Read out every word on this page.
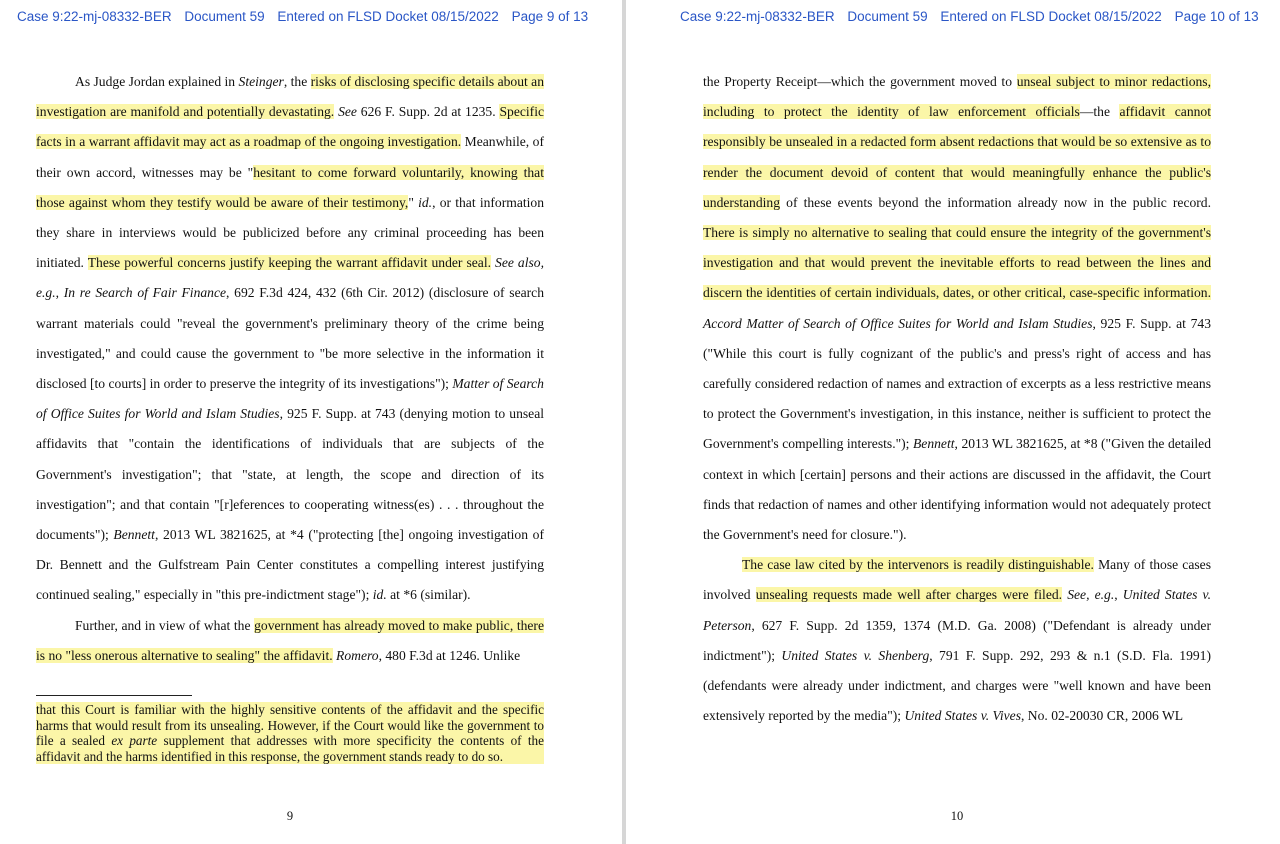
Case 9:22-mj-08332-BER Document 59 Entered on FLSD Docket 08/15/2022 Page 9 of 13

As Judge Jordan explained in Steinger, the risks of disclosing specific details about an investigation are manifold and potentially devastating. See 626 F. Supp. 2d at 1235. Specific facts in a warrant affidavit may act as a roadmap of the ongoing investigation. Meanwhile, of their own accord, witnesses may be "hesitant to come forward voluntarily, knowing that those against whom they testify would be aware of their testimony," id., or that information they share in interviews would be publicized before any criminal proceeding has been initiated. These powerful concerns justify keeping the warrant affidavit under seal. See also, e.g., In re Search of Fair Finance, 692 F.3d 424, 432 (6th Cir. 2012) (disclosure of search warrant materials could "reveal the government's preliminary theory of the crime being investigated," and could cause the government to "be more selective in the information it disclosed [to courts] in order to preserve the integrity of its investigations"); Matter of Search of Office Suites for World and Islam Studies, 925 F. Supp. at 743 (denying motion to unseal affidavits that "contain the identifications of individuals that are subjects of the Government's investigation"; that "state, at length, the scope and direction of its investigation"; and that contain "[r]eferences to cooperating witness(es) . . . throughout the documents"); Bennett, 2013 WL 3821625, at *4 ("protecting [the] ongoing investigation of Dr. Bennett and the Gulfstream Pain Center constitutes a compelling interest justifying continued sealing," especially in "this pre-indictment stage"); id. at *6 (similar).

Further, and in view of what the government has already moved to make public, there is no "less onerous alternative to sealing" the affidavit. Romero, 480 F.3d at 1246. Unlike

that this Court is familiar with the highly sensitive contents of the affidavit and the specific harms that would result from its unsealing. However, if the Court would like the government to file a sealed ex parte supplement that addresses with more specificity the contents of the affidavit and the harms identified in this response, the government stands ready to do so.
9
Case 9:22-mj-08332-BER Document 59 Entered on FLSD Docket 08/15/2022 Page 10 of 13

the Property Receipt—which the government moved to unseal subject to minor redactions, including to protect the identity of law enforcement officials—the affidavit cannot responsibly be unsealed in a redacted form absent redactions that would be so extensive as to render the document devoid of content that would meaningfully enhance the public's understanding of these events beyond the information already now in the public record. There is simply no alternative to sealing that could ensure the integrity of the government's investigation and that would prevent the inevitable efforts to read between the lines and discern the identities of certain individuals, dates, or other critical, case-specific information. Accord Matter of Search of Office Suites for World and Islam Studies, 925 F. Supp. at 743 ("While this court is fully cognizant of the public's and press's right of access and has carefully considered redaction of names and extraction of excerpts as a less restrictive means to protect the Government's investigation, in this instance, neither is sufficient to protect the Government's compelling interests."); Bennett, 2013 WL 3821625, at *8 ("Given the detailed context in which [certain] persons and their actions are discussed in the affidavit, the Court finds that redaction of names and other identifying information would not adequately protect the Government's need for closure.").

The case law cited by the intervenors is readily distinguishable. Many of those cases involved unsealing requests made well after charges were filed. See, e.g., United States v. Peterson, 627 F. Supp. 2d 1359, 1374 (M.D. Ga. 2008) ("Defendant is already under indictment"); United States v. Shenberg, 791 F. Supp. 292, 293 & n.1 (S.D. Fla. 1991) (defendants were already under indictment, and charges were "well known and have been extensively reported by the media"); United States v. Vives, No. 02-20030 CR, 2006 WL

10
